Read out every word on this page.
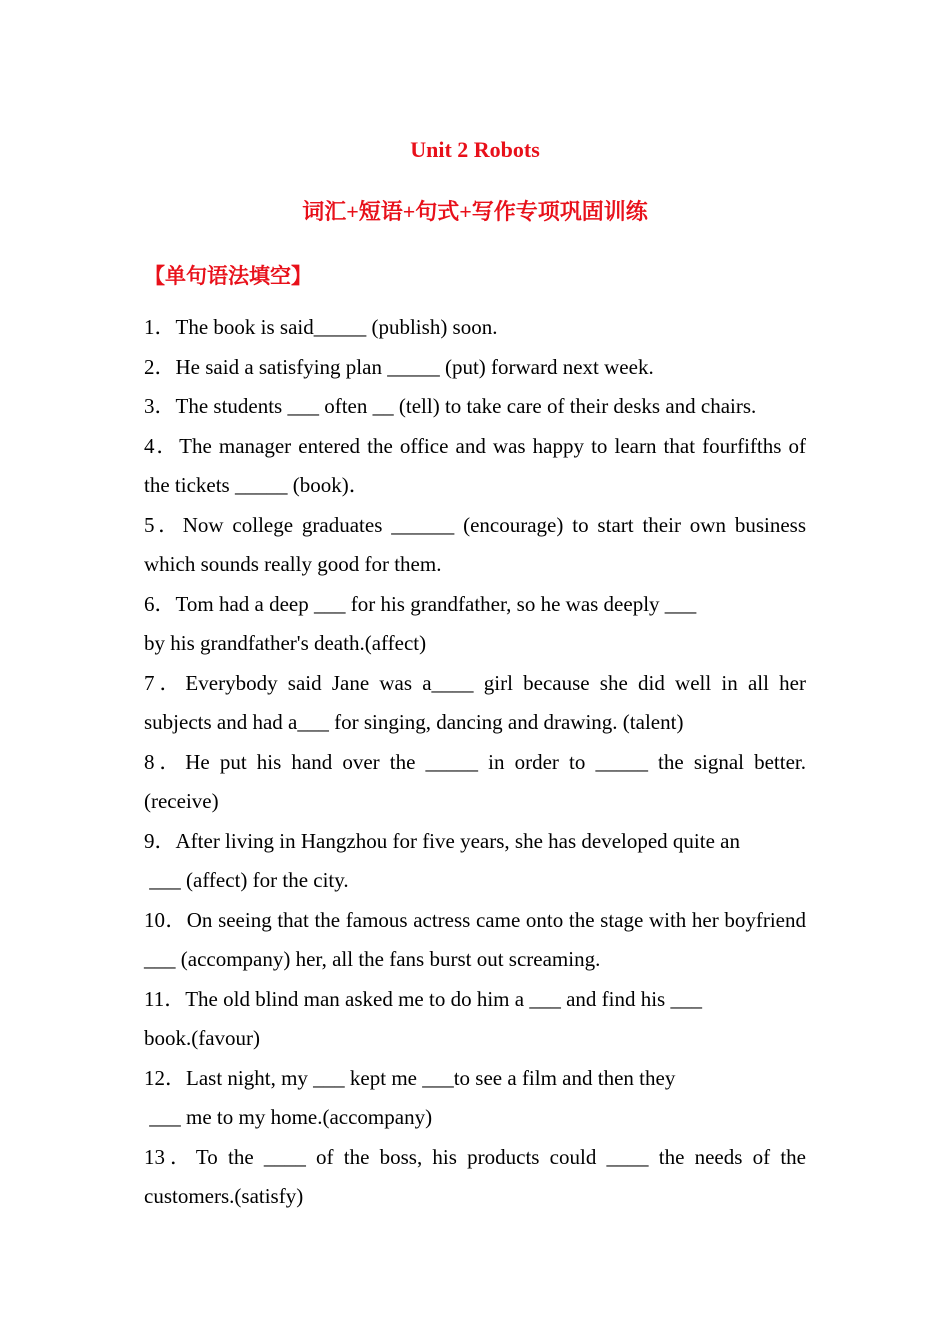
Unit 2 Robots
词汇+短语+句式+写作专项巩固训练
【单句语法填空】

1．The book is said_____ (publish) soon.

2．He said a satisfying plan _____ (put) forward next week.

3．The students ___ often __ (tell) to take care of their desks and chairs.

4．The manager entered the office and was happy to learn that fourfifths of the tickets _____ (book)．

5．Now college graduates ______ (encourage) to start their own business which sounds really good for them.

6．Tom had a deep ___ for his grandfather, so he was deeply ___

by his grandfather's death.(affect)

7．Everybody said Jane was a____ girl because she did well in all her subjects and had a___ for singing, dancing and drawing. (talent)

8．He put his hand over the _____ in order to _____ the signal better. (receive)

9．After living in Hangzhou for five years, she has developed quite an

___ (affect) for the city.

10．On seeing that the famous actress came onto the stage with her boyfriend ___ (accompany) her, all the fans burst out screaming.

11．The old blind man asked me to do him a ___ and find his ___

book.(favour)

12．Last night, my ___ kept me ___to see a film and then they

___ me to my home.(accompany)

13．To the ____ of the boss, his products could ____ the needs of the customers.(satisfy)
